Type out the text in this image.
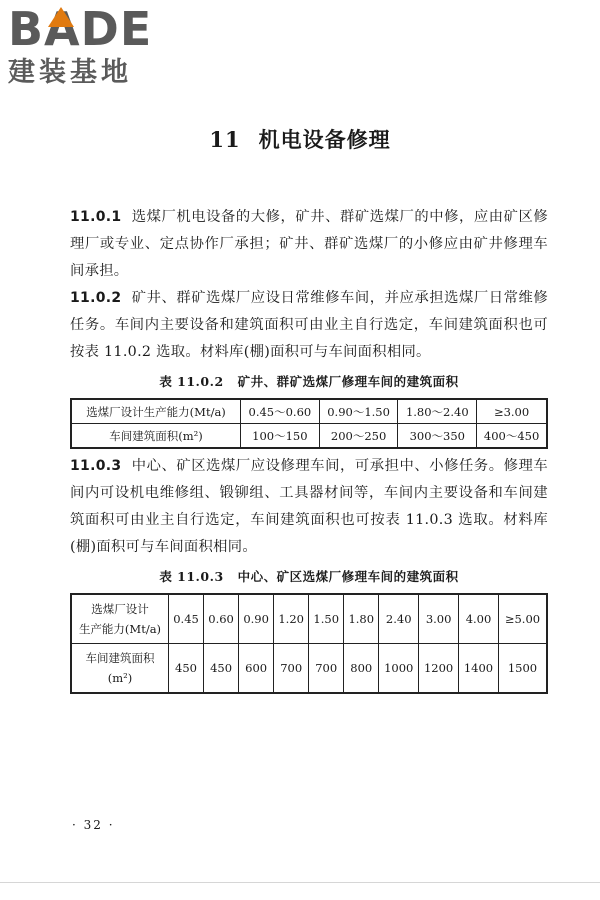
BADE
建装基地
11 机电设备修理

11.0.1 选煤厂机电设备的大修，矿井、群矿选煤厂的中修，应由矿区修理厂或专业、定点协作厂承担；矿井、群矿选煤厂的小修应由矿井修理车间承担。

11.0.2 矿井、群矿选煤厂应设日常维修车间，并应承担选煤厂日常维修任务。车间内主要设备和建筑面积可由业主自行选定，车间建筑面积也可按表 11.0.2 选取。材料库(棚)面积可与车间面积相同。

表 11.0.2 矿井、群矿选煤厂修理车间的建筑面积
选煤厂设计生产能力(Mt/a)	0.45～0.60	0.90～1.50	1.80～2.40	≥3.00
车间建筑面积(m²)	100～150	200～250	300～350	400～450

11.0.3 中心、矿区选煤厂应设修理车间，可承担中、小修任务。修理车间内可设机电维修组、锻铆组、工具器材间等，车间内主要设备和车间建筑面积可由业主自行选定，车间建筑面积也可按表 11.0.3 选取。材料库(棚)面积可与车间面积相同。

表 11.0.3 中心、矿区选煤厂修理车间的建筑面积
选煤厂设计
生产能力(Mt/a)	0.45	0.60	0.90	1.20	1.50	1.80	2.40	3.00	4.00	≥5.00

车间建筑面积
(m²)	450	450	600	700	700	800	1000	1200	1400	1500
· 32 ·
